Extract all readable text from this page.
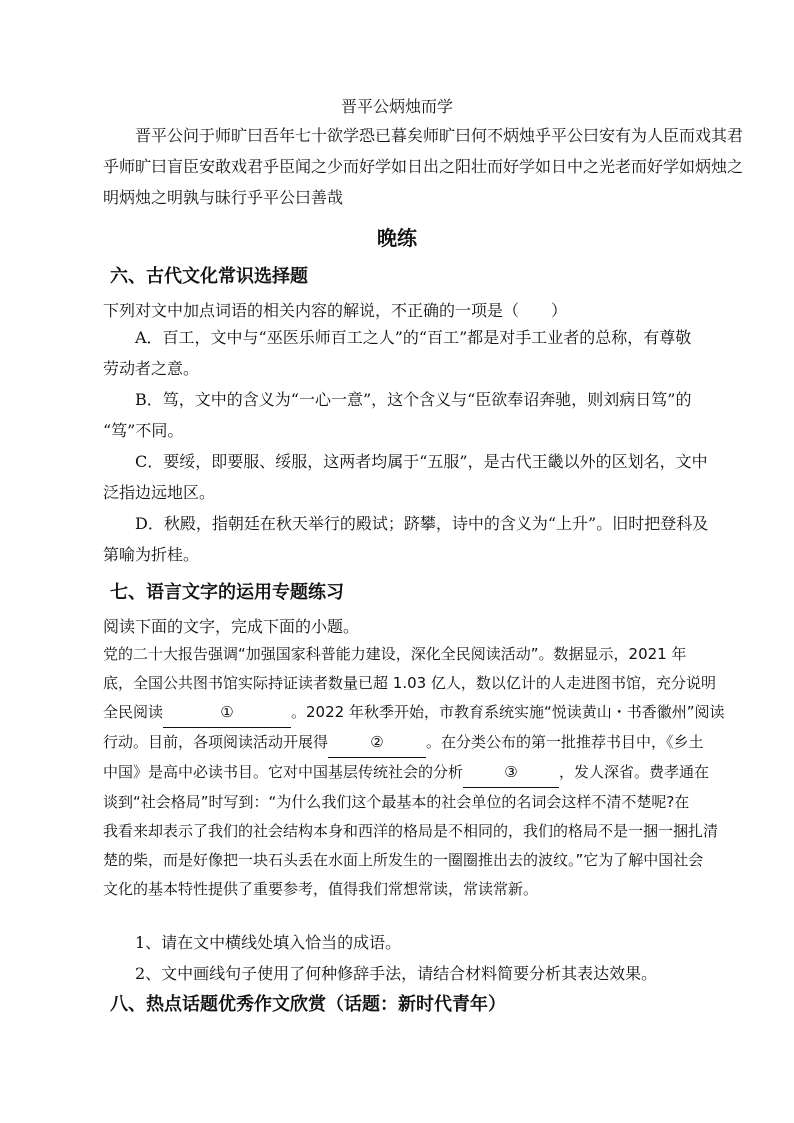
晋平公炳烛而学
晋平公问于师旷曰吾年七十欲学恐已暮矣师旷曰何不炳烛乎平公曰安有为人臣而戏其君
乎师旷曰盲臣安敢戏君乎臣闻之少而好学如日出之阳壮而好学如日中之光老而好学如炳烛之
明炳烛之明孰与昧行乎平公曰善哉
晚练
六、古代文化常识选择题
下列对文中加点词语的相关内容的解说，不正确的一项是（　　）
A．百工，文中与“巫医乐师百工之人”的“百工”都是对手工业者的总称，有尊敬
劳动者之意。
B．笃，文中的含义为“一心一意”，这个含义与“臣欲奉诏奔驰，则刘病日笃”的
“笃”不同。
C．要绥，即要服、绥服，这两者均属于“五服”，是古代王畿以外的区划名，文中
泛指边远地区。
D．秋殿，指朝廷在秋天举行的殿试；跻攀，诗中的含义为“上升”。旧时把登科及
第喻为折桂。
七、语言文字的运用专题练习
阅读下面的文字，完成下面的小题。
党的二十大报告强调“加强国家科普能力建设，深化全民阅读活动”。数据显示，2021 年
底，全国公共图书馆实际持证读者数量已超 1.03 亿人，数以亿计的人走进图书馆，充分说明
全民阅读	①	。2022 年秋季开始，市教育系统实施“悦读黄山・书香徽州”阅读
行动。目前，各项阅读活动开展得	②	。在分类公布的第一批推荐书目中，《乡土
中国》是高中必读书目。它对中国基层传统社会的分析	③	，发人深省。费孝通在
谈到“社会格局”时写到：“为什么我们这个最基本的社会单位的名词会这样不清不楚呢?在
我看来却表示了我们的社会结构本身和西洋的格局是不相同的，我们的格局不是一捆一捆扎清
楚的柴，而是好像把一块石头丢在水面上所发生的一圈圈推出去的波纹。”它为了解中国社会
文化的基本特性提供了重要参考，值得我们常想常读，常读常新。
1、请在文中横线处填入恰当的成语。
2、文中画线句子使用了何种修辞手法，请结合材料简要分析其表达效果。
八、热点话题优秀作文欣赏（话题：新时代青年）
